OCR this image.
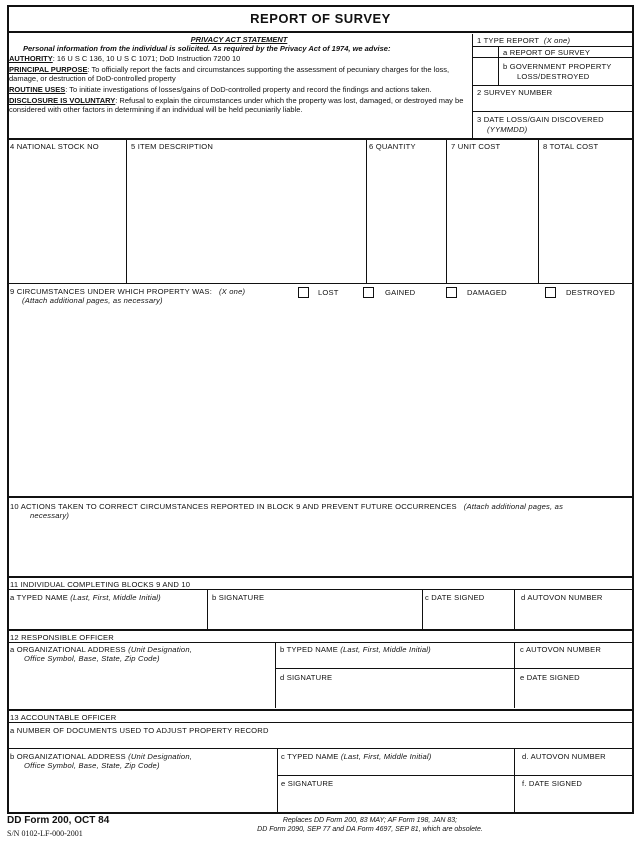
REPORT OF SURVEY
PRIVACY ACT STATEMENT
Personal information from the individual is solicited. As required by the Privacy Act of 1974, we advise:

AUTHORITY: 16 U S C 136, 10 U S C 1071; DoD Instruction 7200 10

PRINCIPAL PURPOSE: To officially report the facts and circumstances supporting the assessment of pecuniary charges for the loss, damage, or destruction of DoD-controlled property

ROUTINE USES: To initiate investigations of losses/gains of DoD-controlled property and record the findings and actions taken.

DISCLOSURE IS VOLUNTARY: Refusal to explain the circumstances under which the property was lost, damaged, or destroyed may be considered with other factors in determining if an individual will be held pecuniarily liable.

1 TYPE REPORT (X one)
a REPORT OF SURVEY
b GOVERNMENT PROPERTY
LOSS/DESTROYED
2 SURVEY NUMBER
3 DATE LOSS/GAIN DISCOVERED
(YYMMDD)
4 NATIONAL STOCK NO	5 ITEM DESCRIPTION	6 QUANTITY	7 UNIT COST	8 TOTAL COST
9 CIRCUMSTANCES UNDER WHICH PROPERTY WAS: (X one)
(Attach additional pages, as necessary)
LOST	GAINED	DAMAGED	DESTROYED
10 ACTIONS TAKEN TO CORRECT CIRCUMSTANCES REPORTED IN BLOCK 9 AND PREVENT FUTURE OCCURRENCES (Attach additional pages, as
necessary)
11 INDIVIDUAL COMPLETING BLOCKS 9 AND 10
a TYPED NAME (Last, First, Middle Initial)	b SIGNATURE	c DATE SIGNED	d AUTOVON NUMBER
12 RESPONSIBLE OFFICER
a ORGANIZATIONAL ADDRESS (Unit Designation,
Office Symbol, Base, State, Zip Code)
b TYPED NAME (Last, First, Middle Initial)	c AUTOVON NUMBER
d SIGNATURE	e DATE SIGNED
13 ACCOUNTABLE OFFICER
a NUMBER OF DOCUMENTS USED TO ADJUST PROPERTY RECORD
b ORGANIZATIONAL ADDRESS (Unit Designation,
Office Symbol, Base, State, Zip Code)
c TYPED NAME (Last, First, Middle Initial)	d. AUTOVON NUMBER
e SIGNATURE	f. DATE SIGNED
DD Form 200, OCT 84
S/N 0102-LF-000-2001
Replaces DD Form 200, 83 MAY; AF Form 198, JAN 83;
DD Form 2090, SEP 77 and DA Form 4697, SEP 81, which are obsolete.
